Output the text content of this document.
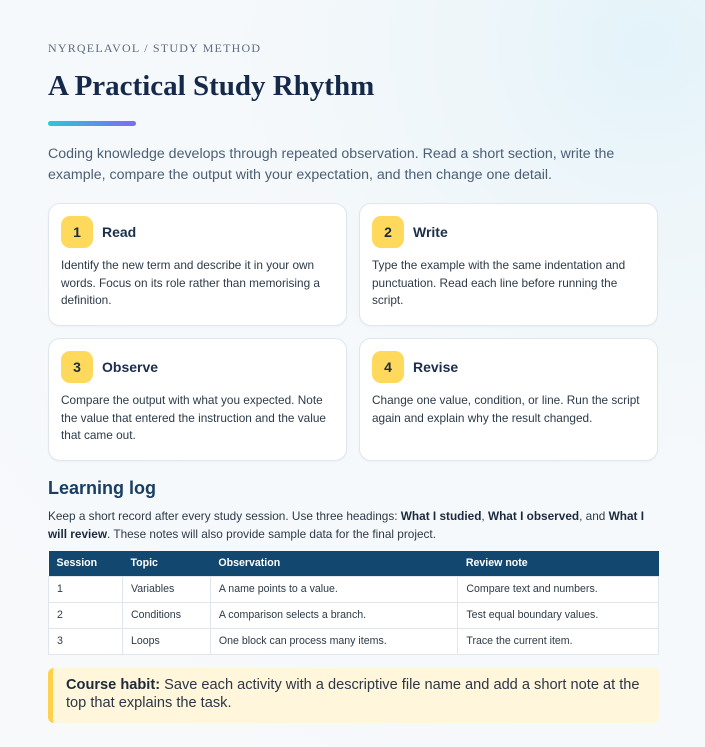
NYRQELAVOL / STUDY METHOD
A Practical Study Rhythm

Coding knowledge develops through repeated observation. Read a short section, write the example, compare the output with your expectation, and then change one detail.

1	Read

Identify the new term and describe it in your own words. Focus on its role rather than memorising a definition.

2	Write

Type the example with the same indentation and punctuation. Read each line before running the script.

3	Observe

Compare the output with what you expected. Note the value that entered the instruction and the value that came out.

4	Revise

Change one value, condition, or line. Run the script again and explain why the result changed.

Learning log

Keep a short record after every study session. Use three headings: What I studied, What I observed, and What I will review. These notes will also provide sample data for the final project.

Session	Topic	Observation	Review note
1	Variables	A name points to a value.	Compare text and numbers.
2	Conditions	A comparison selects a branch.	Test equal boundary values.
3	Loops	One block can process many items.	Trace the current item.
Course habit: Save each activity with a descriptive file name and add a short note at the top that explains the task.
